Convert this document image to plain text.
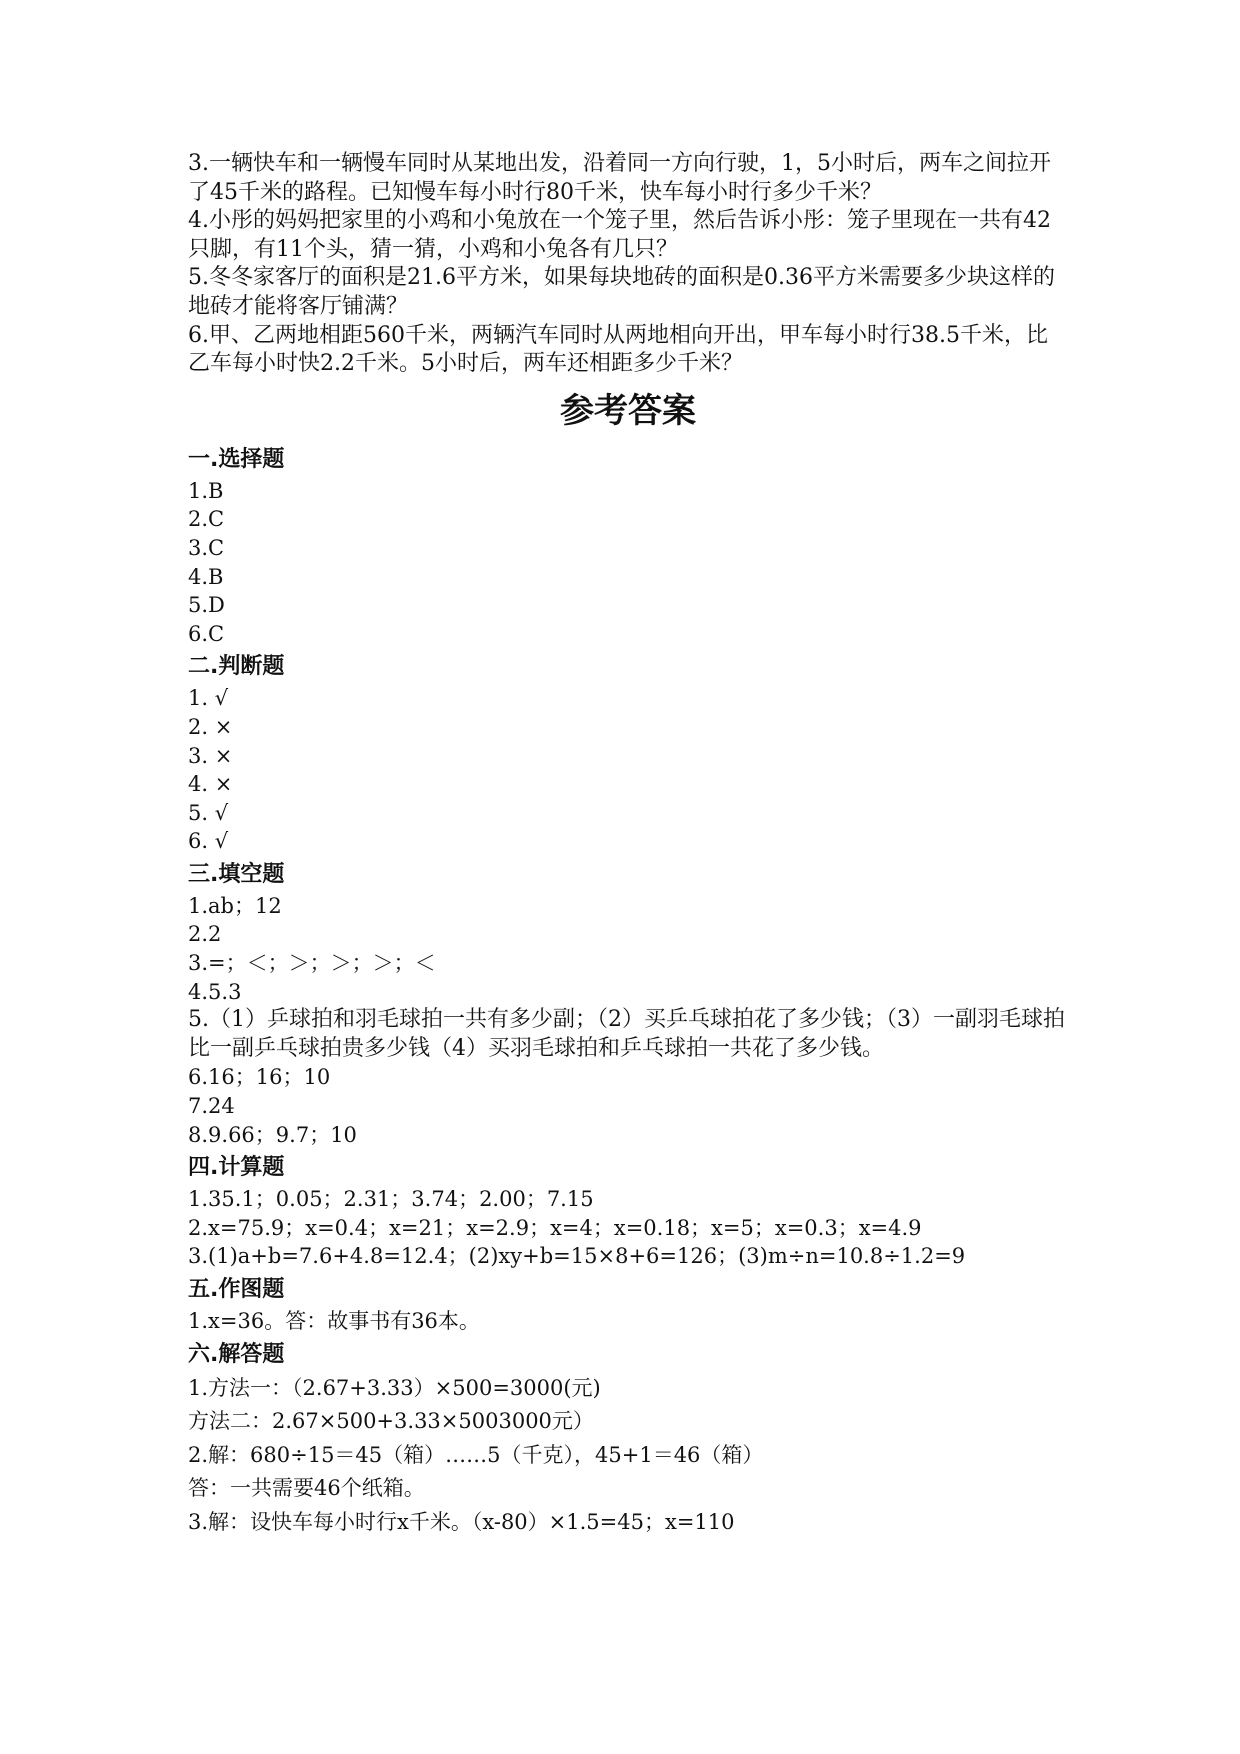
3.一辆快车和一辆慢车同时从某地出发，沿着同一方向行驶，1，5小时后，两车之间拉开了45千米的路程。已知慢车每小时行80千米，快车每小时行多少千米？
4.小彤的妈妈把家里的小鸡和小兔放在一个笼子里，然后告诉小彤：笼子里现在一共有42只脚，有11个头，猜一猜，小鸡和小兔各有几只？
5.冬冬家客厅的面积是21.6平方米，如果每块地砖的面积是0.36平方米需要多少块这样的地砖才能将客厅铺满？
6.甲、乙两地相距560千米，两辆汽车同时从两地相向开出，甲车每小时行38.5千米，比乙车每小时快2.2千米。5小时后，两车还相距多少千米？
参考答案
一.选择题
1.B
2.C
3.C
4.B
5.D
6.C
二.判断题
1. √
2. ×
3. ×
4. ×
5. √
6. √
三.填空题
1.ab；12
2.2
3.=；＜；＞；＞；＞；＜
4.5.3
5.（1）乒球拍和羽毛球拍一共有多少副；（2）买乒乓球拍花了多少钱；（3）一副羽毛球拍比一副乒乓球拍贵多少钱（4）买羽毛球拍和乒乓球拍一共花了多少钱。
6.16；16；10
7.24
8.9.66；9.7；10
四.计算题
1.35.1；0.05；2.31；3.74；2.00；7.15
2.x=75.9；x=0.4；x=21；x=2.9；x=4；x=0.18；x=5；x=0.3；x=4.9
3.(1)a+b=7.6+4.8=12.4；(2)xy+b=15×8+6=126；(3)m÷n=10.8÷1.2=9
五.作图题
1.x=36。答：故事书有36本。
六.解答题
1.方法一：（2.67+3.33）×500=3000(元)
方法二：2.67×500+3.33×5003000元）
2.解：680÷15＝45（箱）……5（千克），45+1＝46（箱）
答：一共需要46个纸箱。
3.解：设快车每小时行x千米。（x-80）×1.5=45；x=110
